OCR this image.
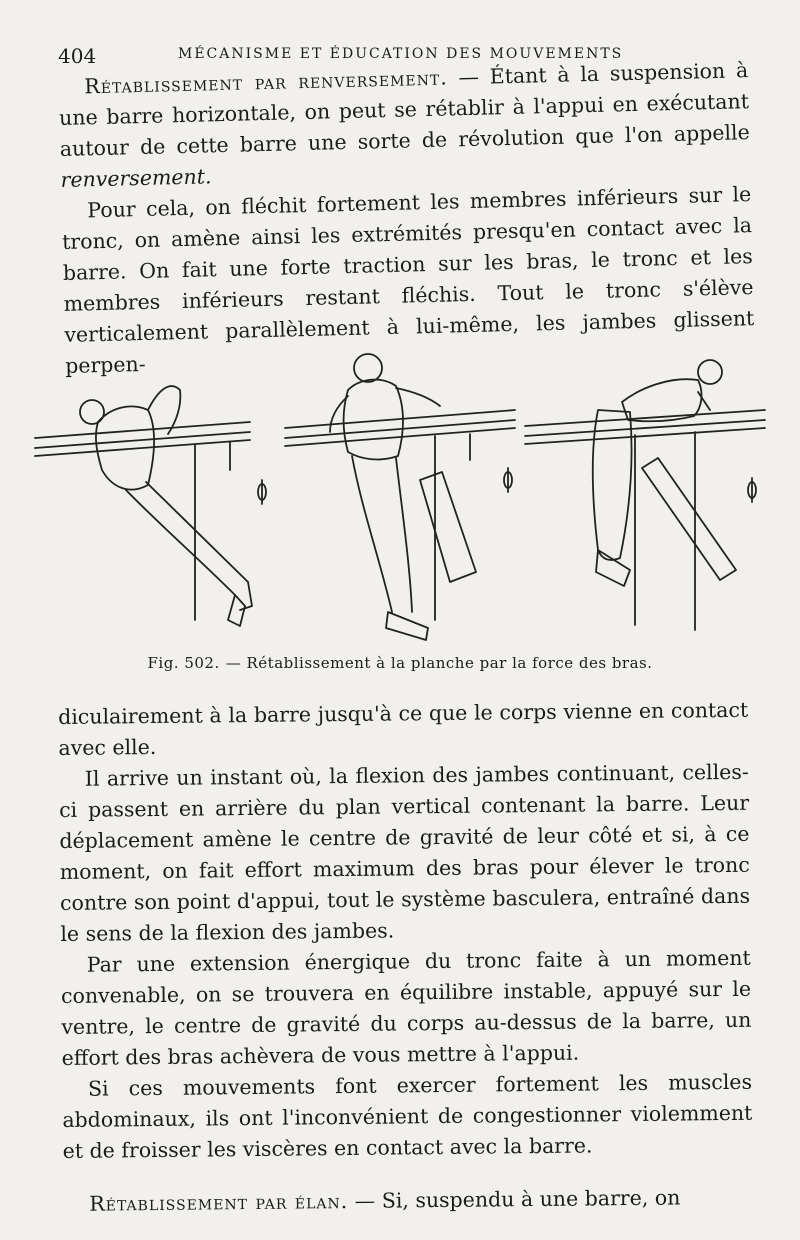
404	MÉCANISME ET ÉDUCATION DES MOUVEMENTS

Rétablissement par renversement. — Étant à la suspension à une barre horizontale, on peut se rétablir à l'appui en exécutant autour de cette barre une sorte de révolution que l'on appelle renversement.

Pour cela, on fléchit fortement les membres inférieurs sur le tronc, on amène ainsi les extrémités presqu'en contact avec la barre. On fait une forte traction sur les bras, le tronc et les membres inférieurs restant fléchis. Tout le tronc s'élève verticalement parallèlement à lui-même, les jambes glissent perpen-

Fig. 502. — Rétablissement à la planche par la force des bras.

diculairement à la barre jusqu'à ce que le corps vienne en contact avec elle.

Il arrive un instant où, la flexion des jambes continuant, celles-ci passent en arrière du plan vertical contenant la barre. Leur déplacement amène le centre de gravité de leur côté et si, à ce moment, on fait effort maximum des bras pour élever le tronc contre son point d'appui, tout le système basculera, entraîné dans le sens de la flexion des jambes.

Par une extension énergique du tronc faite à un moment convenable, on se trouvera en équilibre instable, appuyé sur le ventre, le centre de gravité du corps au-dessus de la barre, un effort des bras achèvera de vous mettre à l'appui.

Si ces mouvements font exercer fortement les muscles abdominaux, ils ont l'inconvénient de congestionner violemment et de froisser les viscères en contact avec la barre.

Rétablissement par élan. — Si, suspendu à une barre, on
